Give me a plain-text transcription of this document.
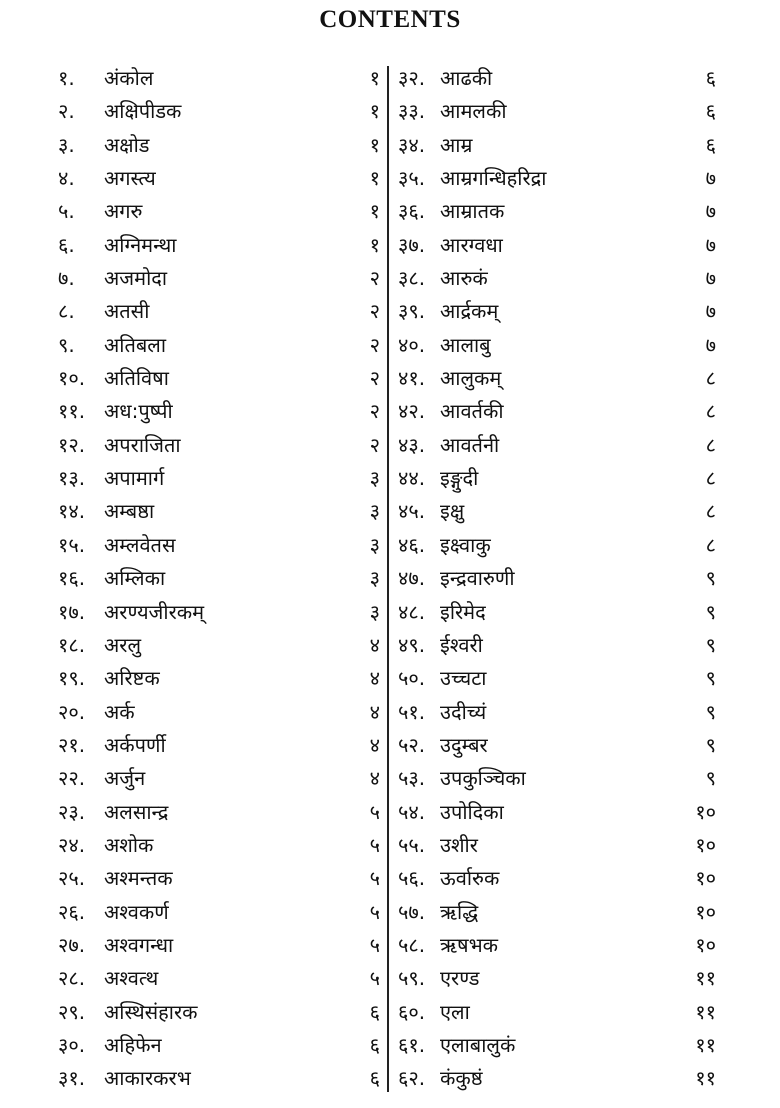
CONTENTS
१.	अंकोल	१
२.	अक्षिपीडक	१
३.	अक्षोड	१
४.	अगस्त्य	१
५.	अगरु	१
६.	अग्निमन्था	१
७.	अजमोदा	२
८.	अतसी	२
९.	अतिबला	२
१०. अतिविषा	२
११. अध:पुष्पी	२
१२. अपराजिता	२
१३. अपामार्ग	३
१४. अम्बष्ठा	३
१५. अम्लवेतस	३
१६. अम्लिका	३
१७. अरण्यजीरकम्	३
१८. अरलु	४
१९. अरिष्टक	४
२०. अर्क	४
२१. अर्कपर्णी	४
२२. अर्जुन	४
२३. अलसान्द्र	५
२४. अशोक	५
२५. अश्मन्तक	५
२६. अश्वकर्ण	५
२७. अश्वगन्धा	५
२८. अश्वत्थ	५
२९. अस्थिसंहारक	६
३०. अहिफेन	६
३१. आकारकरभ	६
३२. आढकी	६
३३. आमलकी	६
३४. आम्र	६
३५. आम्रगन्धिहरिद्रा	७
३६. आम्रातक	७
३७. आरग्वधा	७
३८. आरुकं	७
३९. आर्द्रकम्	७
४०. आलाबु	७
४१. आलुकम्	८
४२. आवर्तकी	८
४३. आवर्तनी	८
४४. इङ्गुदी	८
४५. इक्षु	८
४६. इक्ष्वाकु	८
४७. इन्द्रवारुणी	९
४८. इरिमेद	९
४९. ईश्वरी	९
५०. उच्चटा	९
५१. उदीच्यं	९
५२. उदुम्बर	९
५३. उपकुञ्चिका	९
५४. उपोदिका	१०
५५. उशीर	१०
५६. ऊर्वारुक	१०
५७. ऋद्धि	१०
५८. ऋषभक	१०
५९. एरण्ड	११
६०. एला	११
६१. एलाबालुकं	११
६२. कंकुष्ठं	११
